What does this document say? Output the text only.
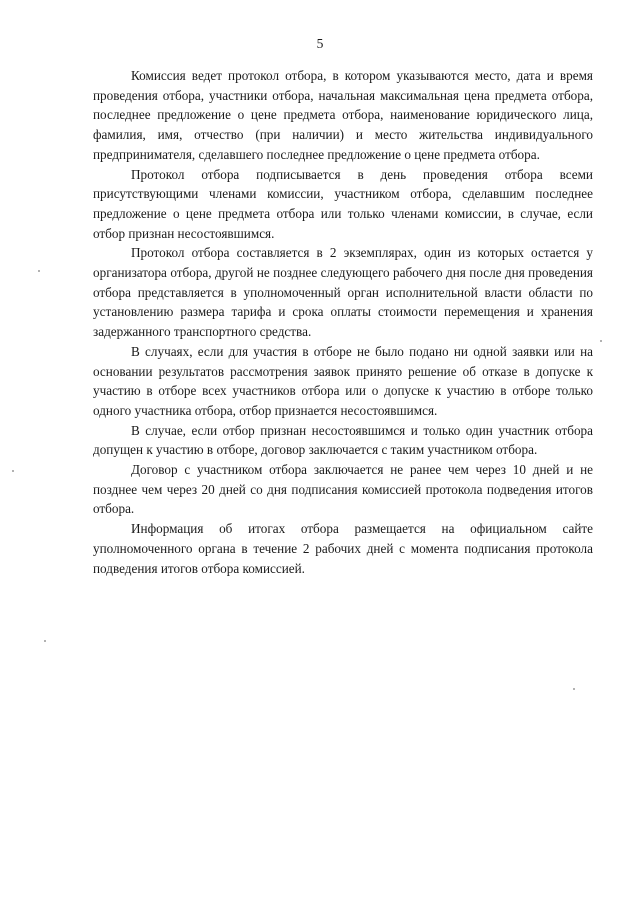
5

Комиссия ведет протокол отбора, в котором указываются место, дата и время проведения отбора, участники отбора, начальная максимальная цена предмета отбора, последнее предложение о цене предмета отбора, наименование юридического лица, фамилия, имя, отчество (при наличии) и место жительства индивидуального предпринимателя, сделавшего последнее предложение о цене предмета отбора.

Протокол отбора подписывается в день проведения отбора всеми присутствующими членами комиссии, участником отбора, сделавшим последнее предложение о цене предмета отбора или только членами комиссии, в случае, если отбор признан несостоявшимся.

Протокол отбора составляется в 2 экземплярах, один из которых остается у организатора отбора, другой не позднее следующего рабочего дня после дня проведения отбора представляется в уполномоченный орган исполнительной власти области по установлению размера тарифа и срока оплаты стоимости перемещения и хранения задержанного транспортного средства.

В случаях, если для участия в отборе не было подано ни одной заявки или на основании результатов рассмотрения заявок принято решение об отказе в допуске к участию в отборе всех участников отбора или о допуске к участию в отборе только одного участника отбора, отбор признается несостоявшимся.

В случае, если отбор признан несостоявшимся и только один участник отбора допущен к участию в отборе, договор заключается с таким участником отбора.

Договор с участником отбора заключается не ранее чем через 10 дней и не позднее чем через 20 дней со дня подписания комиссией протокола подведения итогов отбора.

Информация об итогах отбора размещается на официальном сайте уполномоченного органа в течение 2 рабочих дней с момента подписания протокола подведения итогов отбора комиссией.
